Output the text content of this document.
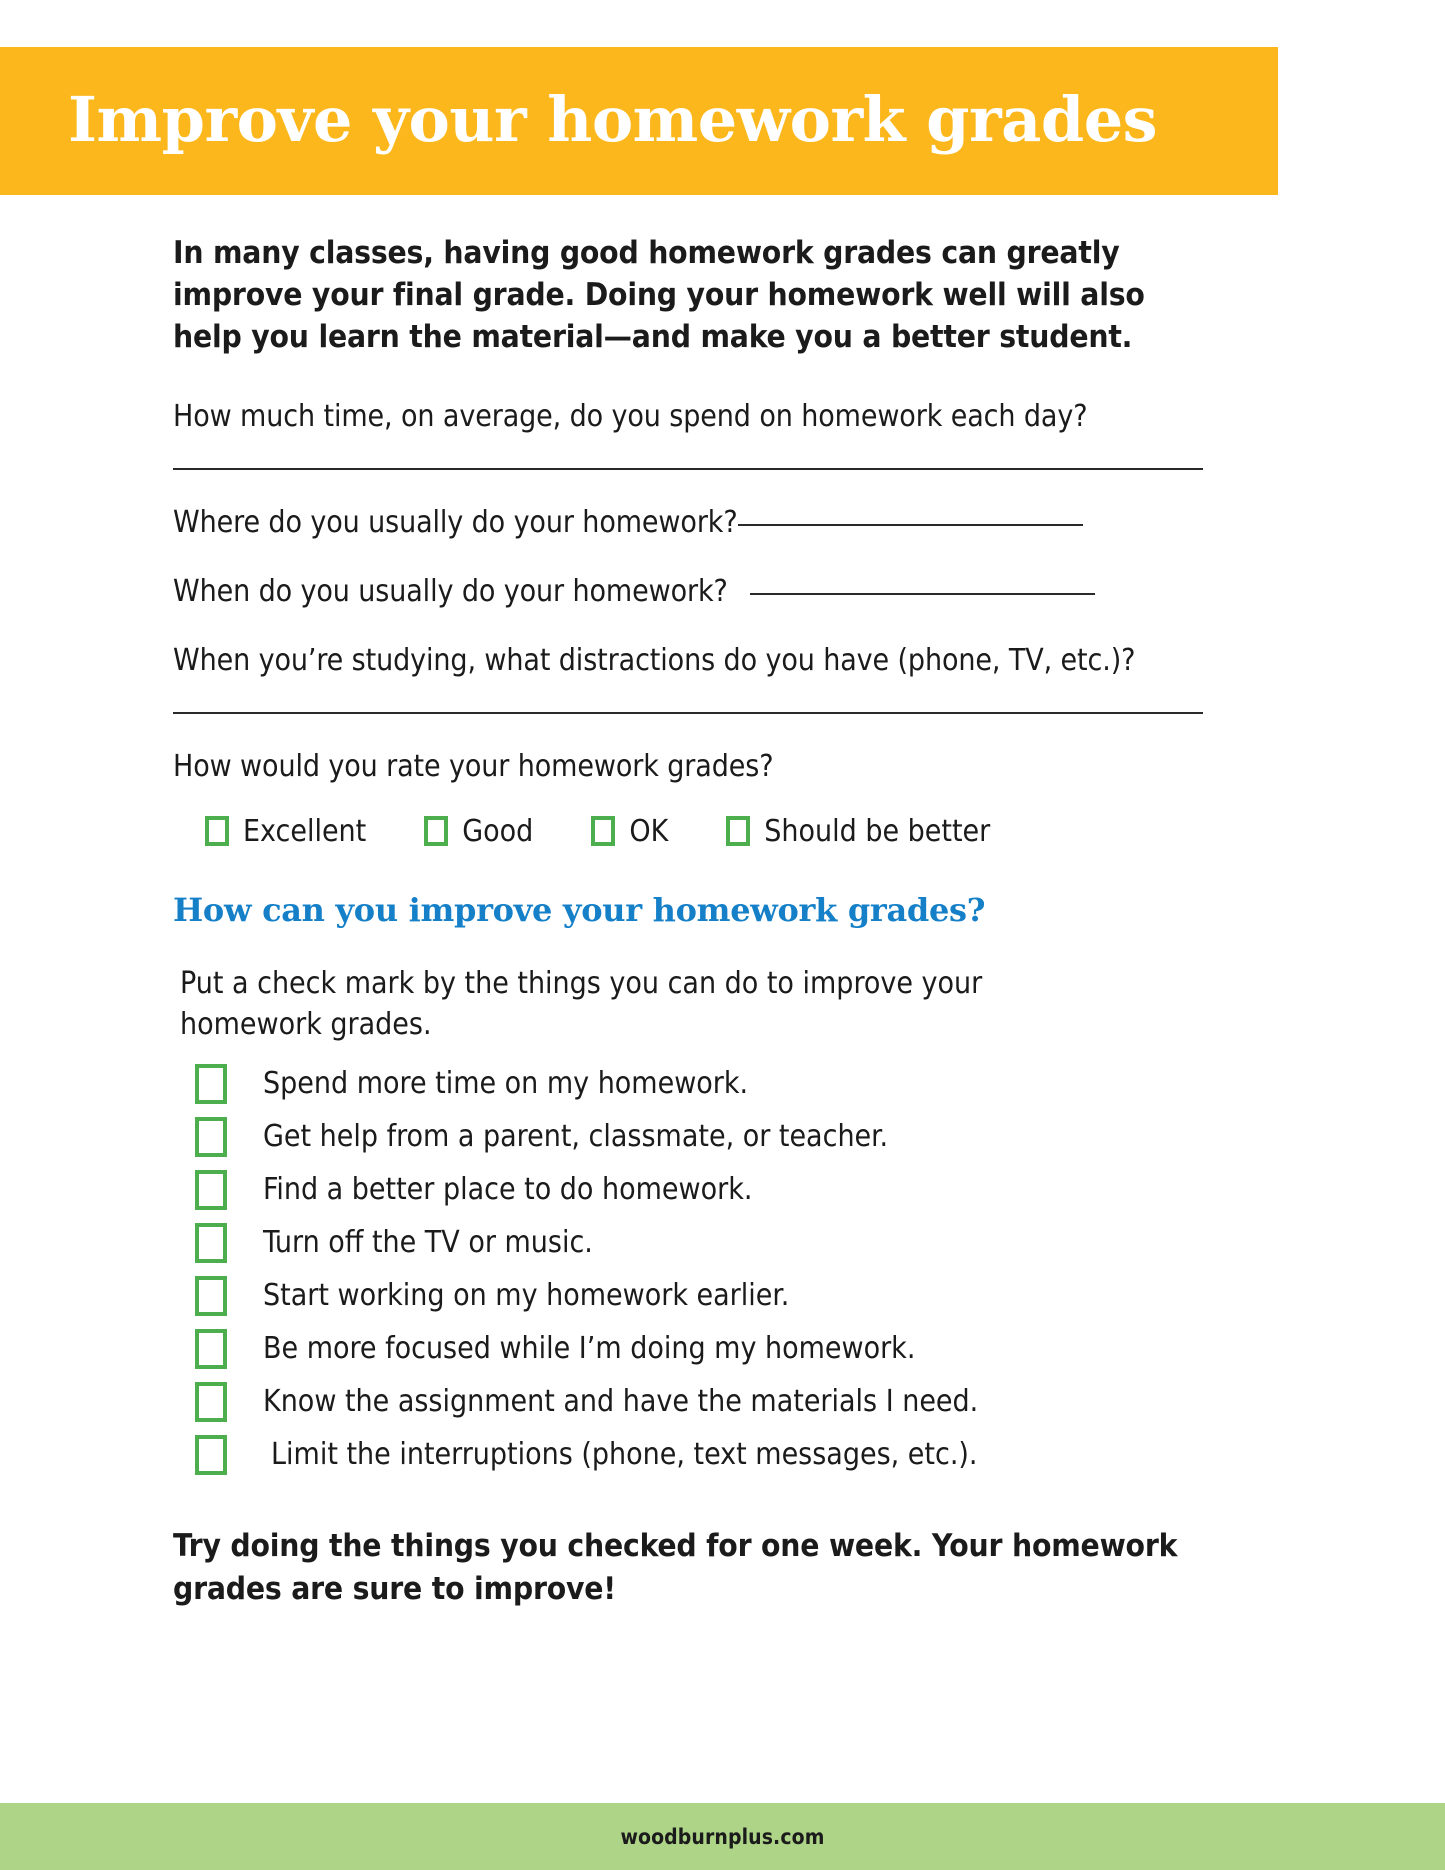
Improve your homework grades

In many classes, having good homework grades can greatly improve your final grade. Doing your homework well will also help you learn the material—and make you a better student.

How much time, on average, do you spend on homework each day?
Where do you usually do your homework?
When do you usually do your homework?
When you’re studying, what distractions do you have (phone, TV, etc.)?
How would you rate your homework grades?
Excellent	Good	OK	Should be better
How can you improve your homework grades?
Put a check mark by the things you can do to improve your
homework grades.
Spend more time on my homework.
Get help from a parent, classmate, or teacher.
Find a better place to do homework.
Turn off the TV or music.
Start working on my homework earlier.
Be more focused while I’m doing my homework.
Know the assignment and have the materials I need.
Limit the interruptions (phone, text messages, etc.).

Try doing the things you checked for one week. Your homework grades are sure to improve!

woodburnplus.com
